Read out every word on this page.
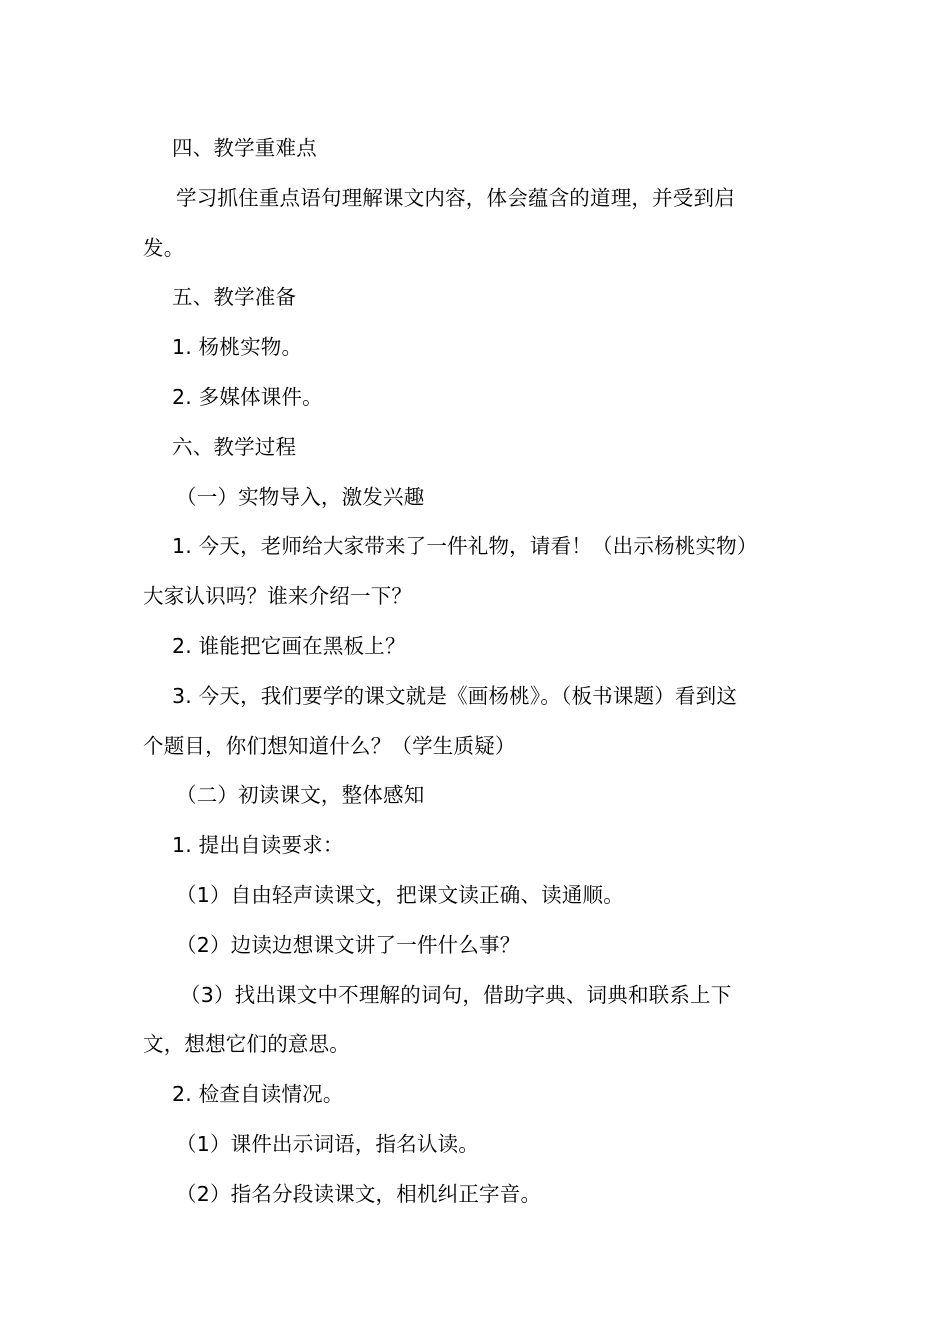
四、教学重难点
学习抓住重点语句理解课文内容，体会蕴含的道理，并受到启
发。
五、教学准备
1. 杨桃实物。
2. 多媒体课件。
六、教学过程
（一）实物导入，激发兴趣
1. 今天，老师给大家带来了一件礼物，请看！（出示杨桃实物）
大家认识吗？谁来介绍一下？
2. 谁能把它画在黑板上？
3. 今天，我们要学的课文就是《画杨桃》。（板书课题）看到这
个题目，你们想知道什么？（学生质疑）
（二）初读课文，整体感知
1. 提出自读要求：
（1）自由轻声读课文，把课文读正确、读通顺。
（2）边读边想课文讲了一件什么事？
（3）找出课文中不理解的词句，借助字典、词典和联系上下
文，想想它们的意思。
2. 检查自读情况。
（1）课件出示词语，指名认读。
（2）指名分段读课文，相机纠正字音。
